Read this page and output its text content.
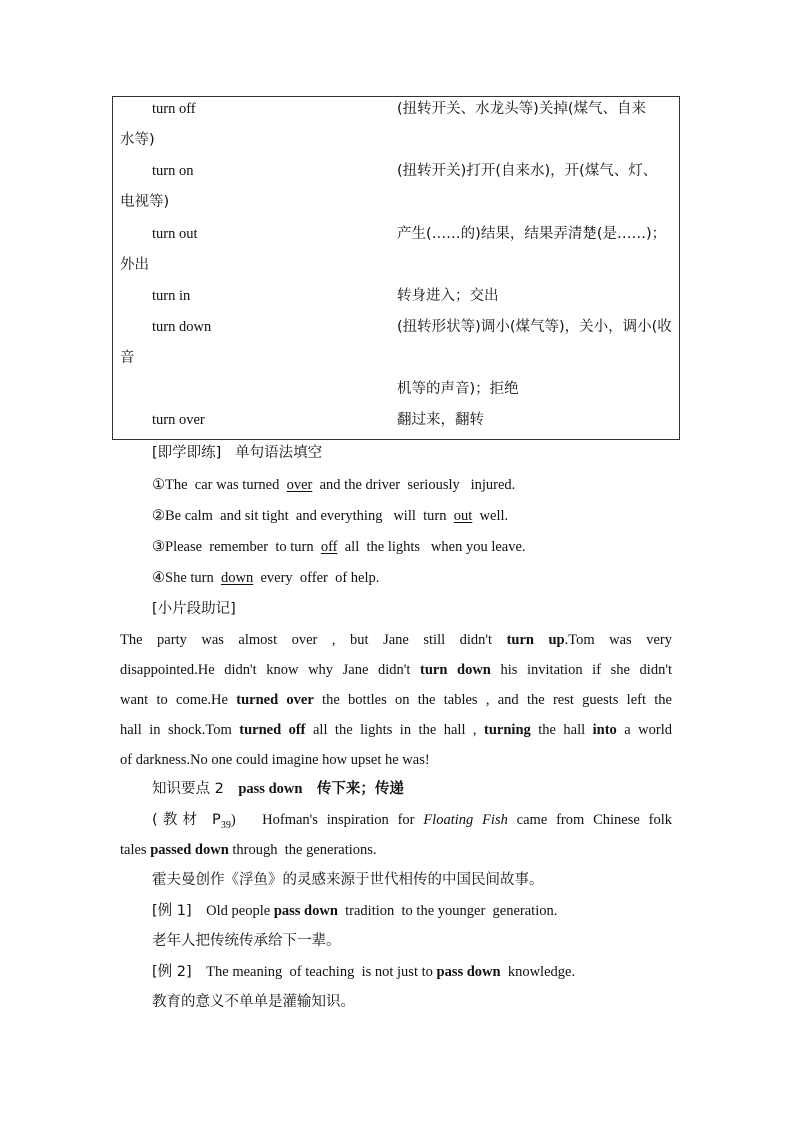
turn off	(扭转开关、水龙头等)关掉(煤气、自来
水等)
turn on	(扭转开关)打开(自来水)，开(煤气、灯、
电视等)
turn out	产生(……的)结果，结果弄清楚(是……)；
外出
turn in	转身进入；交出
turn down	(扭转形状等)调小(煤气等)，关小，调小(收
音
机等的声音)；拒绝
turn over	翻过来，翻转
[即学即练] 单句语法填空
①The  car was turned  over  and the driver  seriously   injured.
②Be calm  and sit tight  and everything   will  turn  out  well.
③Please  remember  to turn  off  all  the lights   when you leave.
④She turn  down  every  offer  of help.
[小片段助记]
The party was almost over , but Jane still didn't turn up.Tom was very
disappointed.He didn't know why Jane didn't turn down his invitation if she didn't
want to come.He turned over the bottles on the tables , and the rest guests left the
hall in shock.Tom turned off all the lights in the hall , turning the hall into a world
of darkness.No one could imagine how upset he was!
知识要点 2 pass down 传下来；传递
(教材 $P_{39}$) Hofman's inspiration for Floating Fish came from Chinese folk
tales passed down through  the generations.
霍夫曼创作《浮鱼》的灵感来源于世代相传的中国民间故事。
[例 1] Old people pass down  tradition  to the younger  generation.
老年人把传统传承给下一辈。
[例 2] The meaning  of teaching  is not just to pass down  knowledge.
教育的意义不单单是灌输知识。
